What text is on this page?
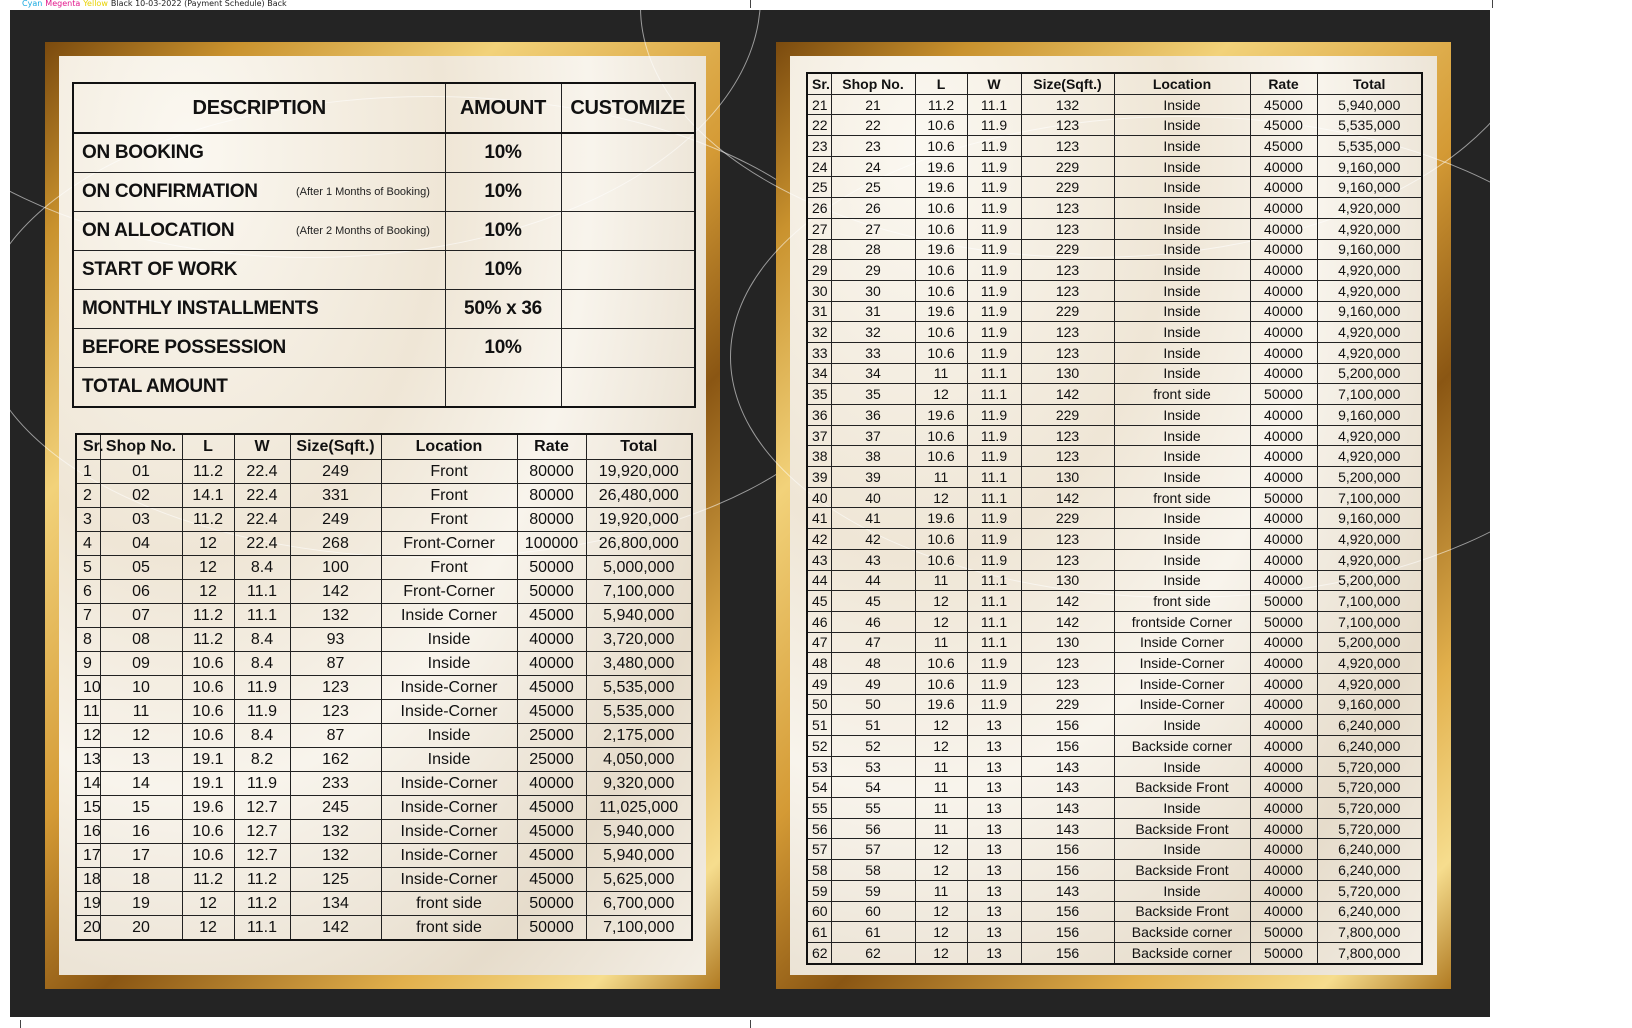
Cyan Megenta Yellow Black 10-03-2022 (Payment Schedule) Back
DESCRIPTION	AMOUNT	CUSTOMIZE
ON BOOKING	10%	
ON CONFIRMATION (After 1 Months of Booking)	10%	
ON ALLOCATION (After 2 Months of Booking)	10%	
START OF WORK	10%	
MONTHLY INSTALLMENTS	50% x 36	
BEFORE POSSESSION	10%	
TOTAL AMOUNT		
Sr.	Shop No.	L	W	Size(Sqft.)	Location	Rate	Total
1	01	11.2	22.4	249	Front	80000	19,920,000
2	02	14.1	22.4	331	Front	80000	26,480,000
3	03	11.2	22.4	249	Front	80000	19,920,000
4	04	12	22.4	268	Front-Corner	100000	26,800,000
5	05	12	8.4	100	Front	50000	5,000,000
6	06	12	11.1	142	Front-Corner	50000	7,100,000
7	07	11.2	11.1	132	Inside Corner	45000	5,940,000
8	08	11.2	8.4	93	Inside	40000	3,720,000
9	09	10.6	8.4	87	Inside	40000	3,480,000
10	10	10.6	11.9	123	Inside-Corner	45000	5,535,000
11	11	10.6	11.9	123	Inside-Corner	45000	5,535,000
12	12	10.6	8.4	87	Inside	25000	2,175,000
13	13	19.1	8.2	162	Inside	25000	4,050,000
14	14	19.1	11.9	233	Inside-Corner	40000	9,320,000
15	15	19.6	12.7	245	Inside-Corner	45000	11,025,000
16	16	10.6	12.7	132	Inside-Corner	45000	5,940,000
17	17	10.6	12.7	132	Inside-Corner	45000	5,940,000
18	18	11.2	11.2	125	Inside-Corner	45000	5,625,000
19	19	12	11.2	134	front side	50000	6,700,000
20	20	12	11.1	142	front side	50000	7,100,000
Sr.	Shop No.	L	W	Size(Sqft.)	Location	Rate	Total
21	21	11.2	11.1	132	Inside	45000	5,940,000
22	22	10.6	11.9	123	Inside	45000	5,535,000
23	23	10.6	11.9	123	Inside	45000	5,535,000
24	24	19.6	11.9	229	Inside	40000	9,160,000
25	25	19.6	11.9	229	Inside	40000	9,160,000
26	26	10.6	11.9	123	Inside	40000	4,920,000
27	27	10.6	11.9	123	Inside	40000	4,920,000
28	28	19.6	11.9	229	Inside	40000	9,160,000
29	29	10.6	11.9	123	Inside	40000	4,920,000
30	30	10.6	11.9	123	Inside	40000	4,920,000
31	31	19.6	11.9	229	Inside	40000	9,160,000
32	32	10.6	11.9	123	Inside	40000	4,920,000
33	33	10.6	11.9	123	Inside	40000	4,920,000
34	34	11	11.1	130	Inside	40000	5,200,000
35	35	12	11.1	142	front side	50000	7,100,000
36	36	19.6	11.9	229	Inside	40000	9,160,000
37	37	10.6	11.9	123	Inside	40000	4,920,000
38	38	10.6	11.9	123	Inside	40000	4,920,000
39	39	11	11.1	130	Inside	40000	5,200,000
40	40	12	11.1	142	front side	50000	7,100,000
41	41	19.6	11.9	229	Inside	40000	9,160,000
42	42	10.6	11.9	123	Inside	40000	4,920,000
43	43	10.6	11.9	123	Inside	40000	4,920,000
44	44	11	11.1	130	Inside	40000	5,200,000
45	45	12	11.1	142	front side	50000	7,100,000
46	46	12	11.1	142	frontside Corner	50000	7,100,000
47	47	11	11.1	130	Inside Corner	40000	5,200,000
48	48	10.6	11.9	123	Inside-Corner	40000	4,920,000
49	49	10.6	11.9	123	Inside-Corner	40000	4,920,000
50	50	19.6	11.9	229	Inside-Corner	40000	9,160,000
51	51	12	13	156	Inside	40000	6,240,000
52	52	12	13	156	Backside corner	40000	6,240,000
53	53	11	13	143	Inside	40000	5,720,000
54	54	11	13	143	Backside Front	40000	5,720,000
55	55	11	13	143	Inside	40000	5,720,000
56	56	11	13	143	Backside Front	40000	5,720,000
57	57	12	13	156	Inside	40000	6,240,000
58	58	12	13	156	Backside Front	40000	6,240,000
59	59	11	13	143	Inside	40000	5,720,000
60	60	12	13	156	Backside Front	40000	6,240,000
61	61	12	13	156	Backside corner	50000	7,800,000
62	62	12	13	156	Backside corner	50000	7,800,000
